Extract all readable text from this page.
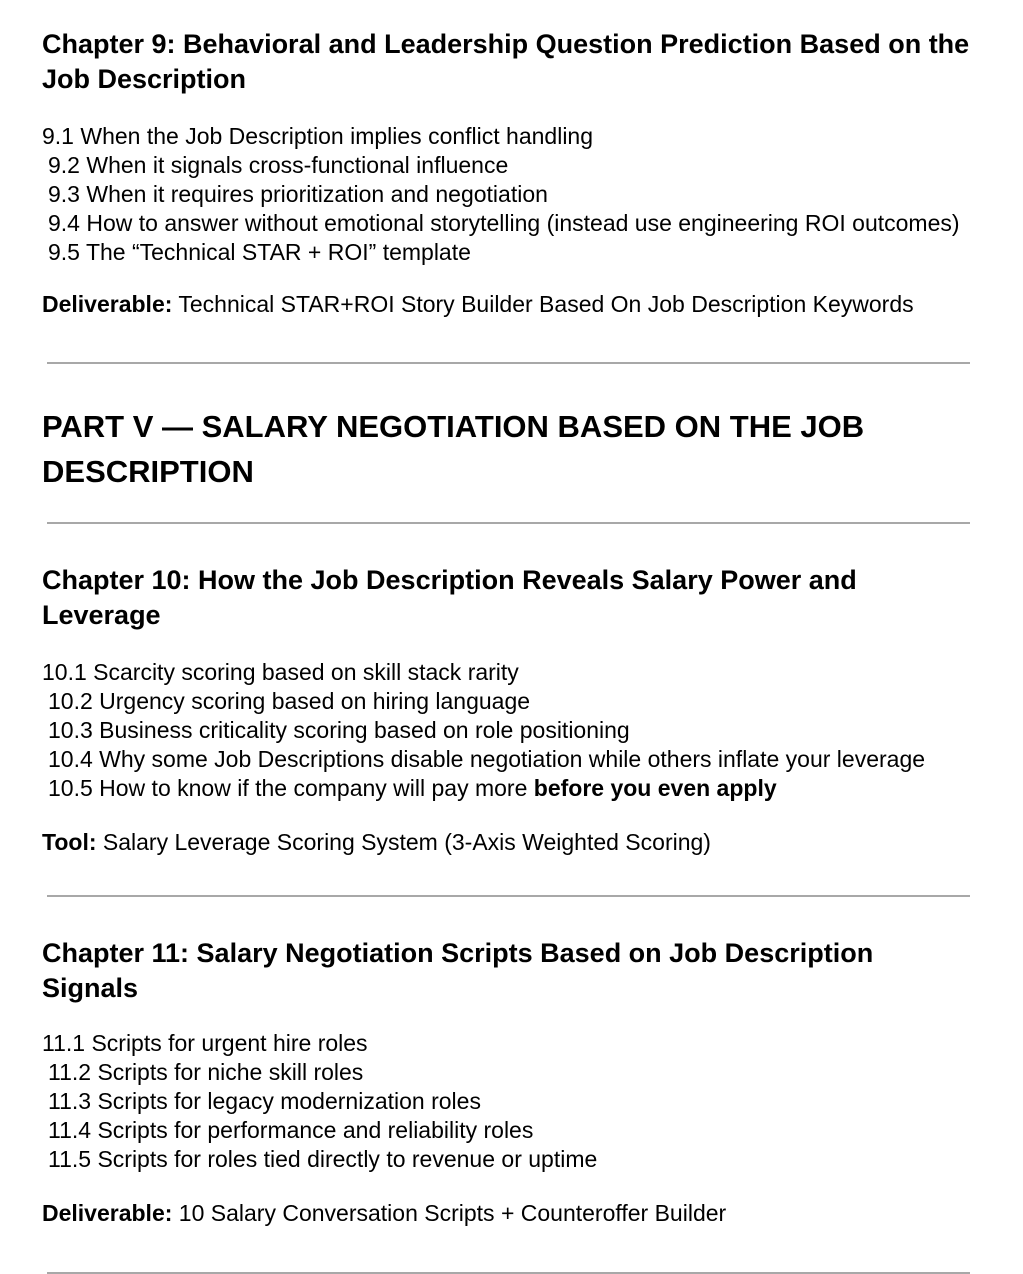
Chapter 9: Behavioral and Leadership Question Prediction Based on the Job Description
9.1 When the Job Description implies conflict handling
9.2 When it signals cross-functional influence
9.3 When it requires prioritization and negotiation
9.4 How to answer without emotional storytelling (instead use engineering ROI outcomes)
9.5 The “Technical STAR + ROI” template

Deliverable: Technical STAR+ROI Story Builder Based On Job Description Keywords

PART V — SALARY NEGOTIATION BASED ON THE JOB DESCRIPTION
Chapter 10: How the Job Description Reveals Salary Power and Leverage
10.1 Scarcity scoring based on skill stack rarity
10.2 Urgency scoring based on hiring language
10.3 Business criticality scoring based on role positioning
10.4 Why some Job Descriptions disable negotiation while others inflate your leverage
10.5 How to know if the company will pay more before you even apply

Tool: Salary Leverage Scoring System (3-Axis Weighted Scoring)

Chapter 11: Salary Negotiation Scripts Based on Job Description Signals
11.1 Scripts for urgent hire roles
11.2 Scripts for niche skill roles
11.3 Scripts for legacy modernization roles
11.4 Scripts for performance and reliability roles
11.5 Scripts for roles tied directly to revenue or uptime

Deliverable: 10 Salary Conversation Scripts + Counteroffer Builder
